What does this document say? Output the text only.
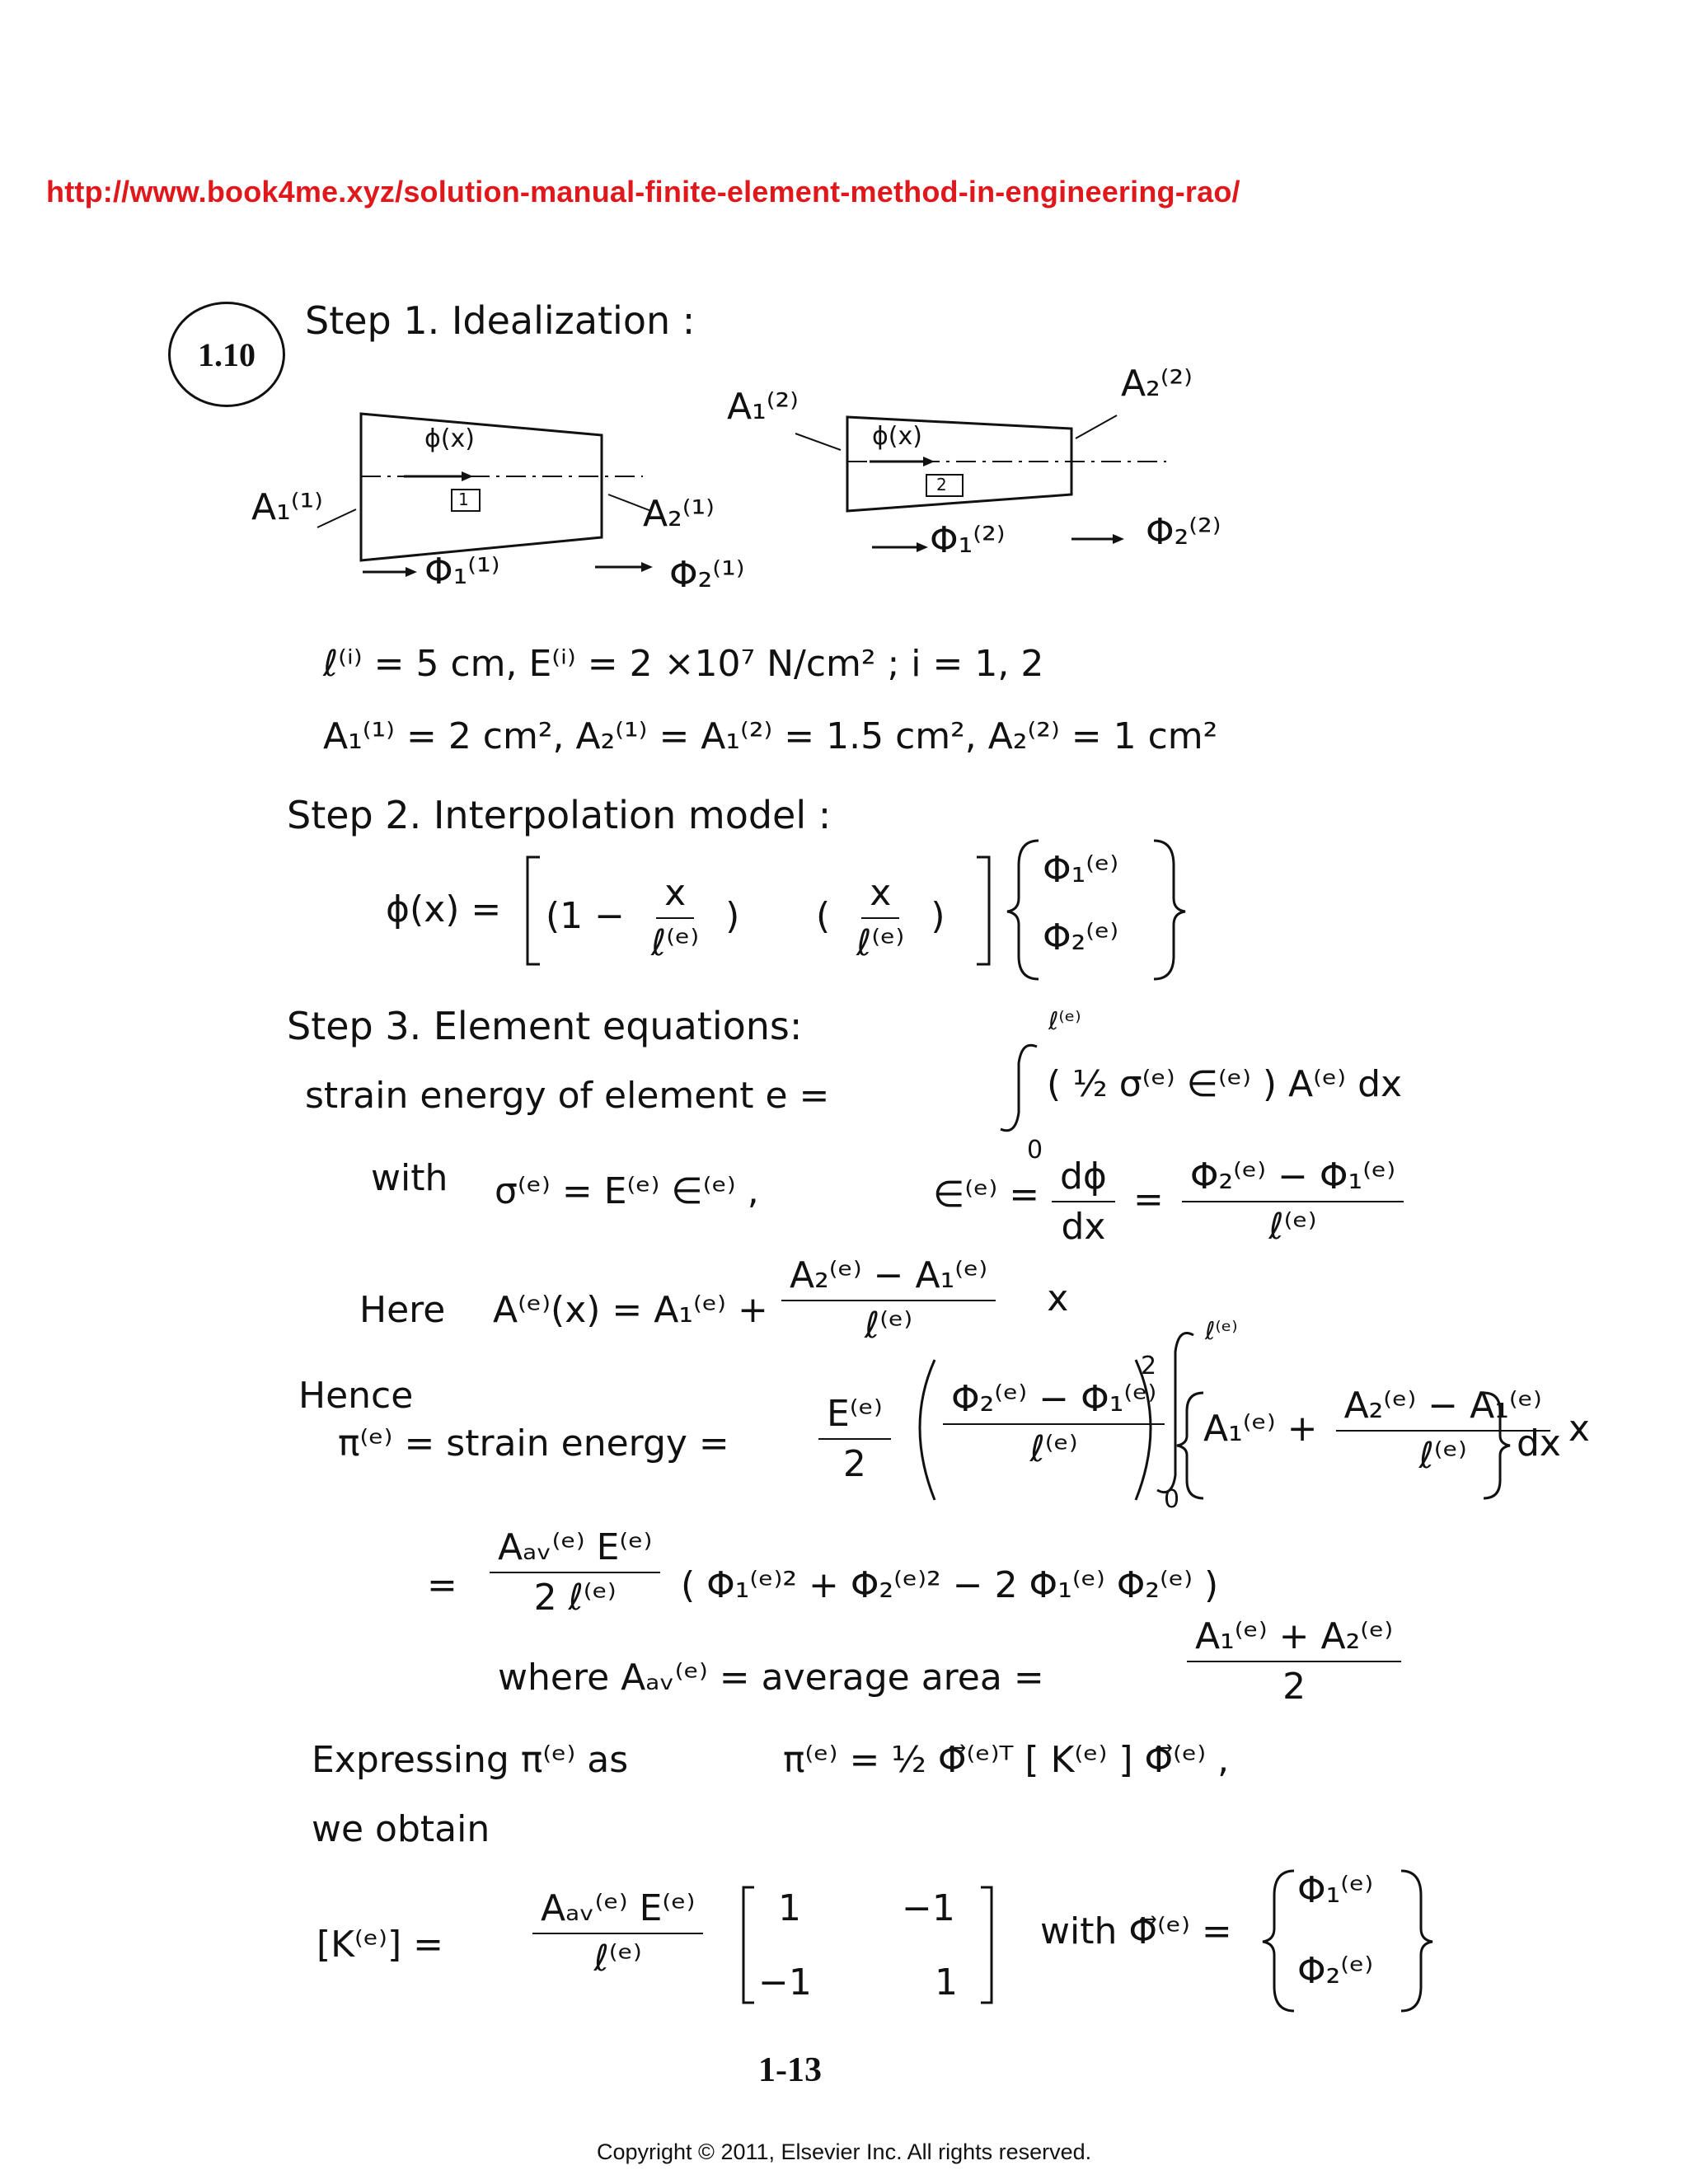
http://www.book4me.xyz/solution-manual-finite-element-method-in-engineering-rao/
1.10
Step 1. Idealization :
ϕ(x)
1
A₁⁽¹⁾	A₂⁽¹⁾
Φ₁⁽¹⁾	Φ₂⁽¹⁾
ϕ(x)
2
A₁⁽²⁾
A₂⁽²⁾
Φ₁⁽²⁾	Φ₂⁽²⁾
ℓ⁽ⁱ⁾ = 5 cm, E⁽ⁱ⁾ = 2 ×10⁷ N/cm² ; i = 1, 2
A₁⁽¹⁾ = 2 cm², A₂⁽¹⁾ = A₁⁽²⁾ = 1.5 cm², A₂⁽²⁾ = 1 cm²
Step 2. Interpolation model :
$\phi(x) = (1 - \frac{x}{\text{ℓ⁽ᵉ⁾}}$ ) ( $\frac{x}{\text{ℓ⁽ᵉ⁾}}$ )
Φ₁⁽ᵉ⁾
Φ₂⁽ᵉ⁾
Step 3. Element equations:
strain energy of element e =
ℓ⁽ᵉ⁾
0
( ½ σ⁽ᵉ⁾ ∈⁽ᵉ⁾ ) A⁽ᵉ⁾ dx
with σ⁽ᵉ⁾ = E⁽ᵉ⁾ ∈⁽ᵉ⁾ ,	∈⁽ᵉ⁾ = $\frac{d\phi}{dx} = \frac{\text{Φ₂⁽ᵉ⁾ − Φ₁⁽ᵉ⁾}}{\text{ℓ⁽ᵉ⁾}}$
Here A⁽ᵉ⁾(x) = A₁⁽ᵉ⁾ + $\frac{\text{A₂⁽ᵉ⁾ − A₁⁽ᵉ⁾}}{\text{ℓ⁽ᵉ⁾}}$ x
Hence
π⁽ᵉ⁾ = strain energy = $\frac{\text{E⁽ᵉ⁾}}{2} \frac{\text{Φ₂⁽ᵉ⁾ − Φ₁⁽ᵉ⁾}}{\text{ℓ⁽ᵉ⁾}}$
2
ℓ⁽ᵉ⁾
0
A₁⁽ᵉ⁾ + $\frac{\text{A₂⁽ᵉ⁾ − A₁⁽ᵉ⁾}}{\text{ℓ⁽ᵉ⁾}}$ x
dx
= $\frac{\text{Aₐᵥ⁽ᵉ⁾ E⁽ᵉ⁾}}{\text{2 ℓ⁽ᵉ⁾}}$ ( Φ₁⁽ᵉ⁾² + Φ₂⁽ᵉ⁾² − 2 Φ₁⁽ᵉ⁾ Φ₂⁽ᵉ⁾ )
where Aₐᵥ⁽ᵉ⁾ = average area =	$\frac{\text{A₁⁽ᵉ⁾ + A₂⁽ᵉ⁾}}{2}$
Expressing π⁽ᵉ⁾ as	π⁽ᵉ⁾ = ½ Φ⃗⁽ᵉ⁾ᵀ [ K⁽ᵉ⁾ ] Φ⃗⁽ᵉ⁾ ,
we obtain
[K⁽ᵉ⁾] = $\frac{\text{Aₐᵥ⁽ᵉ⁾ E⁽ᵉ⁾}}{\text{ℓ⁽ᵉ⁾}} 1$	−1
−1	1
with Φ⃗⁽ᵉ⁾ =
Φ₁⁽ᵉ⁾
Φ₂⁽ᵉ⁾
1-13
Copyright © 2011, Elsevier Inc. All rights reserved.
